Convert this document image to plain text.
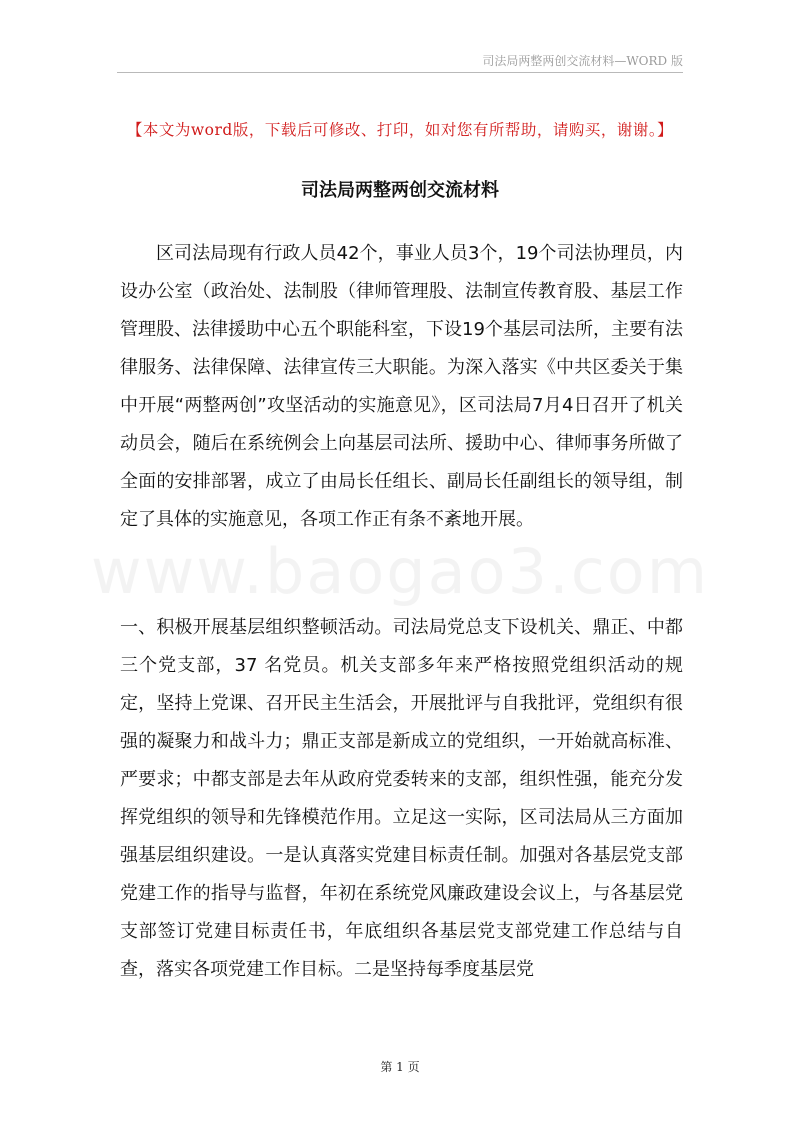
司法局两整两创交流材料—WORD 版
【本文为word版，下载后可修改、打印，如对您有所帮助，请购买，谢谢。】
司法局两整两创交流材料

区司法局现有行政人员42个，事业人员3个，19个司法协理员，内设办公室（政治处、法制股（律师管理股、法制宣传教育股、基层工作管理股、法律援助中心五个职能科室，下设19个基层司法所，主要有法律服务、法律保障、法律宣传三大职能。为深入落实《中共区委关于集中开展“两整两创”攻坚活动的实施意见》，区司法局7月4日召开了机关动员会，随后在系统例会上向基层司法所、援助中心、律师事务所做了全面的安排部署，成立了由局长任组长、副局长任副组长的领导组，制定了具体的实施意见，各项工作正有条不紊地开展。

一、积极开展基层组织整顿活动。司法局党总支下设机关、鼎正、中都三个党支部，37 名党员。机关支部多年来严格按照党组织活动的规定，坚持上党课、召开民主生活会，开展批评与自我批评，党组织有很强的凝聚力和战斗力；鼎正支部是新成立的党组织，一开始就高标准、严要求；中都支部是去年从政府党委转来的支部，组织性强，能充分发挥党组织的领导和先锋模范作用。立足这一实际，区司法局从三方面加强基层组织建设。一是认真落实党建目标责任制。加强对各基层党支部党建工作的指导与监督，年初在系统党风廉政建设会议上，与各基层党支部签订党建目标责任书，年底组织各基层党支部党建工作总结与自查，落实各项党建工作目标。二是坚持每季度基层党

第 1 页
